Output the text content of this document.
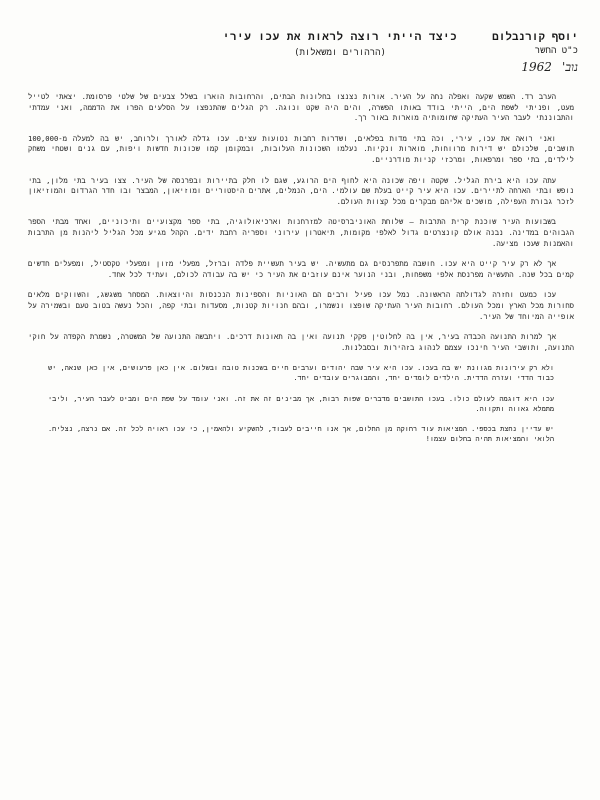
יוסף קורנבלום
כ"ט החשר
נוב'
1962
כיצד הייתי רוצה לראות את עכו עירי
(הרהורים ומשאלות)

הערב רד. השמש שקעה ואפלה נחה על העיר. אורות נצנצו בחלונות הבתים, והרחובות הוארו בשלל צבעים של שלטי פרסומת. יצאתי לטייל מעט, ופניתי לשפת הים, הייתי בודד באותו הפשרה, והים היה שקט ונוגה. רק הגלים שהתנפצו על הסלעים הפרו את הדממה, ואני עמדתי והתבוננתי לעבר העיר העתיקה שחומותיה מוארות באור רך.

ואני רואה את עכו, עירי, וכה בתי מדות בפלאים, ושדרות רחבות נטועות עצים. עכו גדלה לאורך ולרוחב, יש בה למעלה מ-100,000 תושבים, שלכולם יש דירות מרווחות, מוארות ונקיות. נעלמו השכונות העלובות, ובמקומן קמו שכונות חדשות ויפות, עם גנים ושטחי משחק לילדים, בתי ספר ומרפאות, ומרכזי קניות מודרניים.

עתה עכו היא בירת הגליל. שקטה ויפה שכונה היא לחוף הים הרוגע, שגם לו חלק בתיירות ובפרנסה של העיר. צצו בעיר בתי מלון, בתי נופש ובתי הארחה לתיירים. עכו היא עיר קייט בעלת שם עולמי. הים, הנמלים, אתרים היסטוריים ומוזיאון, המבצר ובו חדר הגרדום והמוזיאון לזכר גבורת העפילה, מושכים אליהם מבקרים מכל קצוות העולם.

בשבועות העיר שוכנת קרית התרבות — שלוחת האוניברסיטה למזרחנות וארכיאולוגיה, בתי ספר מקצועיים ותיכוניים, ואחד מבתי הספר הגבוהים במדינה. נבנה אולם קונצרטים גדול לאלפי מקומות, תיאטרון עירוני וספריה רחבת ידים. הקהל מגיע מכל הגליל ליהנות מן התרבות והאמנות שעכו מציעה.

אך לא רק עיר קייט היא עכו. חושבה מתפרנסים גם מתעשיה. יש בעיר תעשיית פלדה וברזל, מפעלי מזון ומפעלי טקסטיל, ומפעלים חדשים קמים בכל שנה. התעשיה מפרנסת אלפי משפחות, ובני הנוער אינם עוזבים את העיר כי יש בה עבודה לכולם, ועתיד לכל אחד.

עכו כמעט וחזרה לגדולתה הראשונה. נמל עכו פעיל ורבים הם האוניות והספינות הנכנסות והיוצאות. המסחר משגשג, והשווקים מלאים סחורות מכל הארץ ומכל העולם. רחובות העיר העתיקה שופצו ונשמרו, ובהם חנויות קטנות, מסעדות ובתי קפה, והכל נעשה בטוב טעם ובשמירה על אופייה המיוחד של העיר.

אך למרות התנועה הכבדה בעיר, אין בה לחלוטין פקקי תנועה ואין בה תאונות דרכים. ויתבשה התנועה של המשטרה, נשמרת הקפדה על חוקי התנועה, ותושבי העיר חינכו עצמם לנהוג בזהירות ובסבלנות.

ולא רק עירונות מגוונת יש בה בעכו. עכו היא עיר שבה יהודים וערבים חיים בשכנות טובה ובשלום. אין כאן פרעושים, אין כאן שנאה, יש כבוד הדדי ועזרה הדדית. הילדים לומדים יחד, והמבוגרים עובדים יחד.

עכו היא דוגמה לעולם כולו. בעכו התושבים מדברים שפות רבות, אך מבינים זה את זה. ואני עומד על שפת הים ומביט לעבר העיר, וליבי מתמלא גאווה ותקווה.

יש עדיין נחצת בכספי. המציאות עוד רחוקה מן החלום, אך אנו חייבים לעבוד, להשקיע ולהאמין, כי עכו ראויה לכל זה. אם נרצה, נצליח. הלואי והמציאות תהיה בחלום עצמו!
